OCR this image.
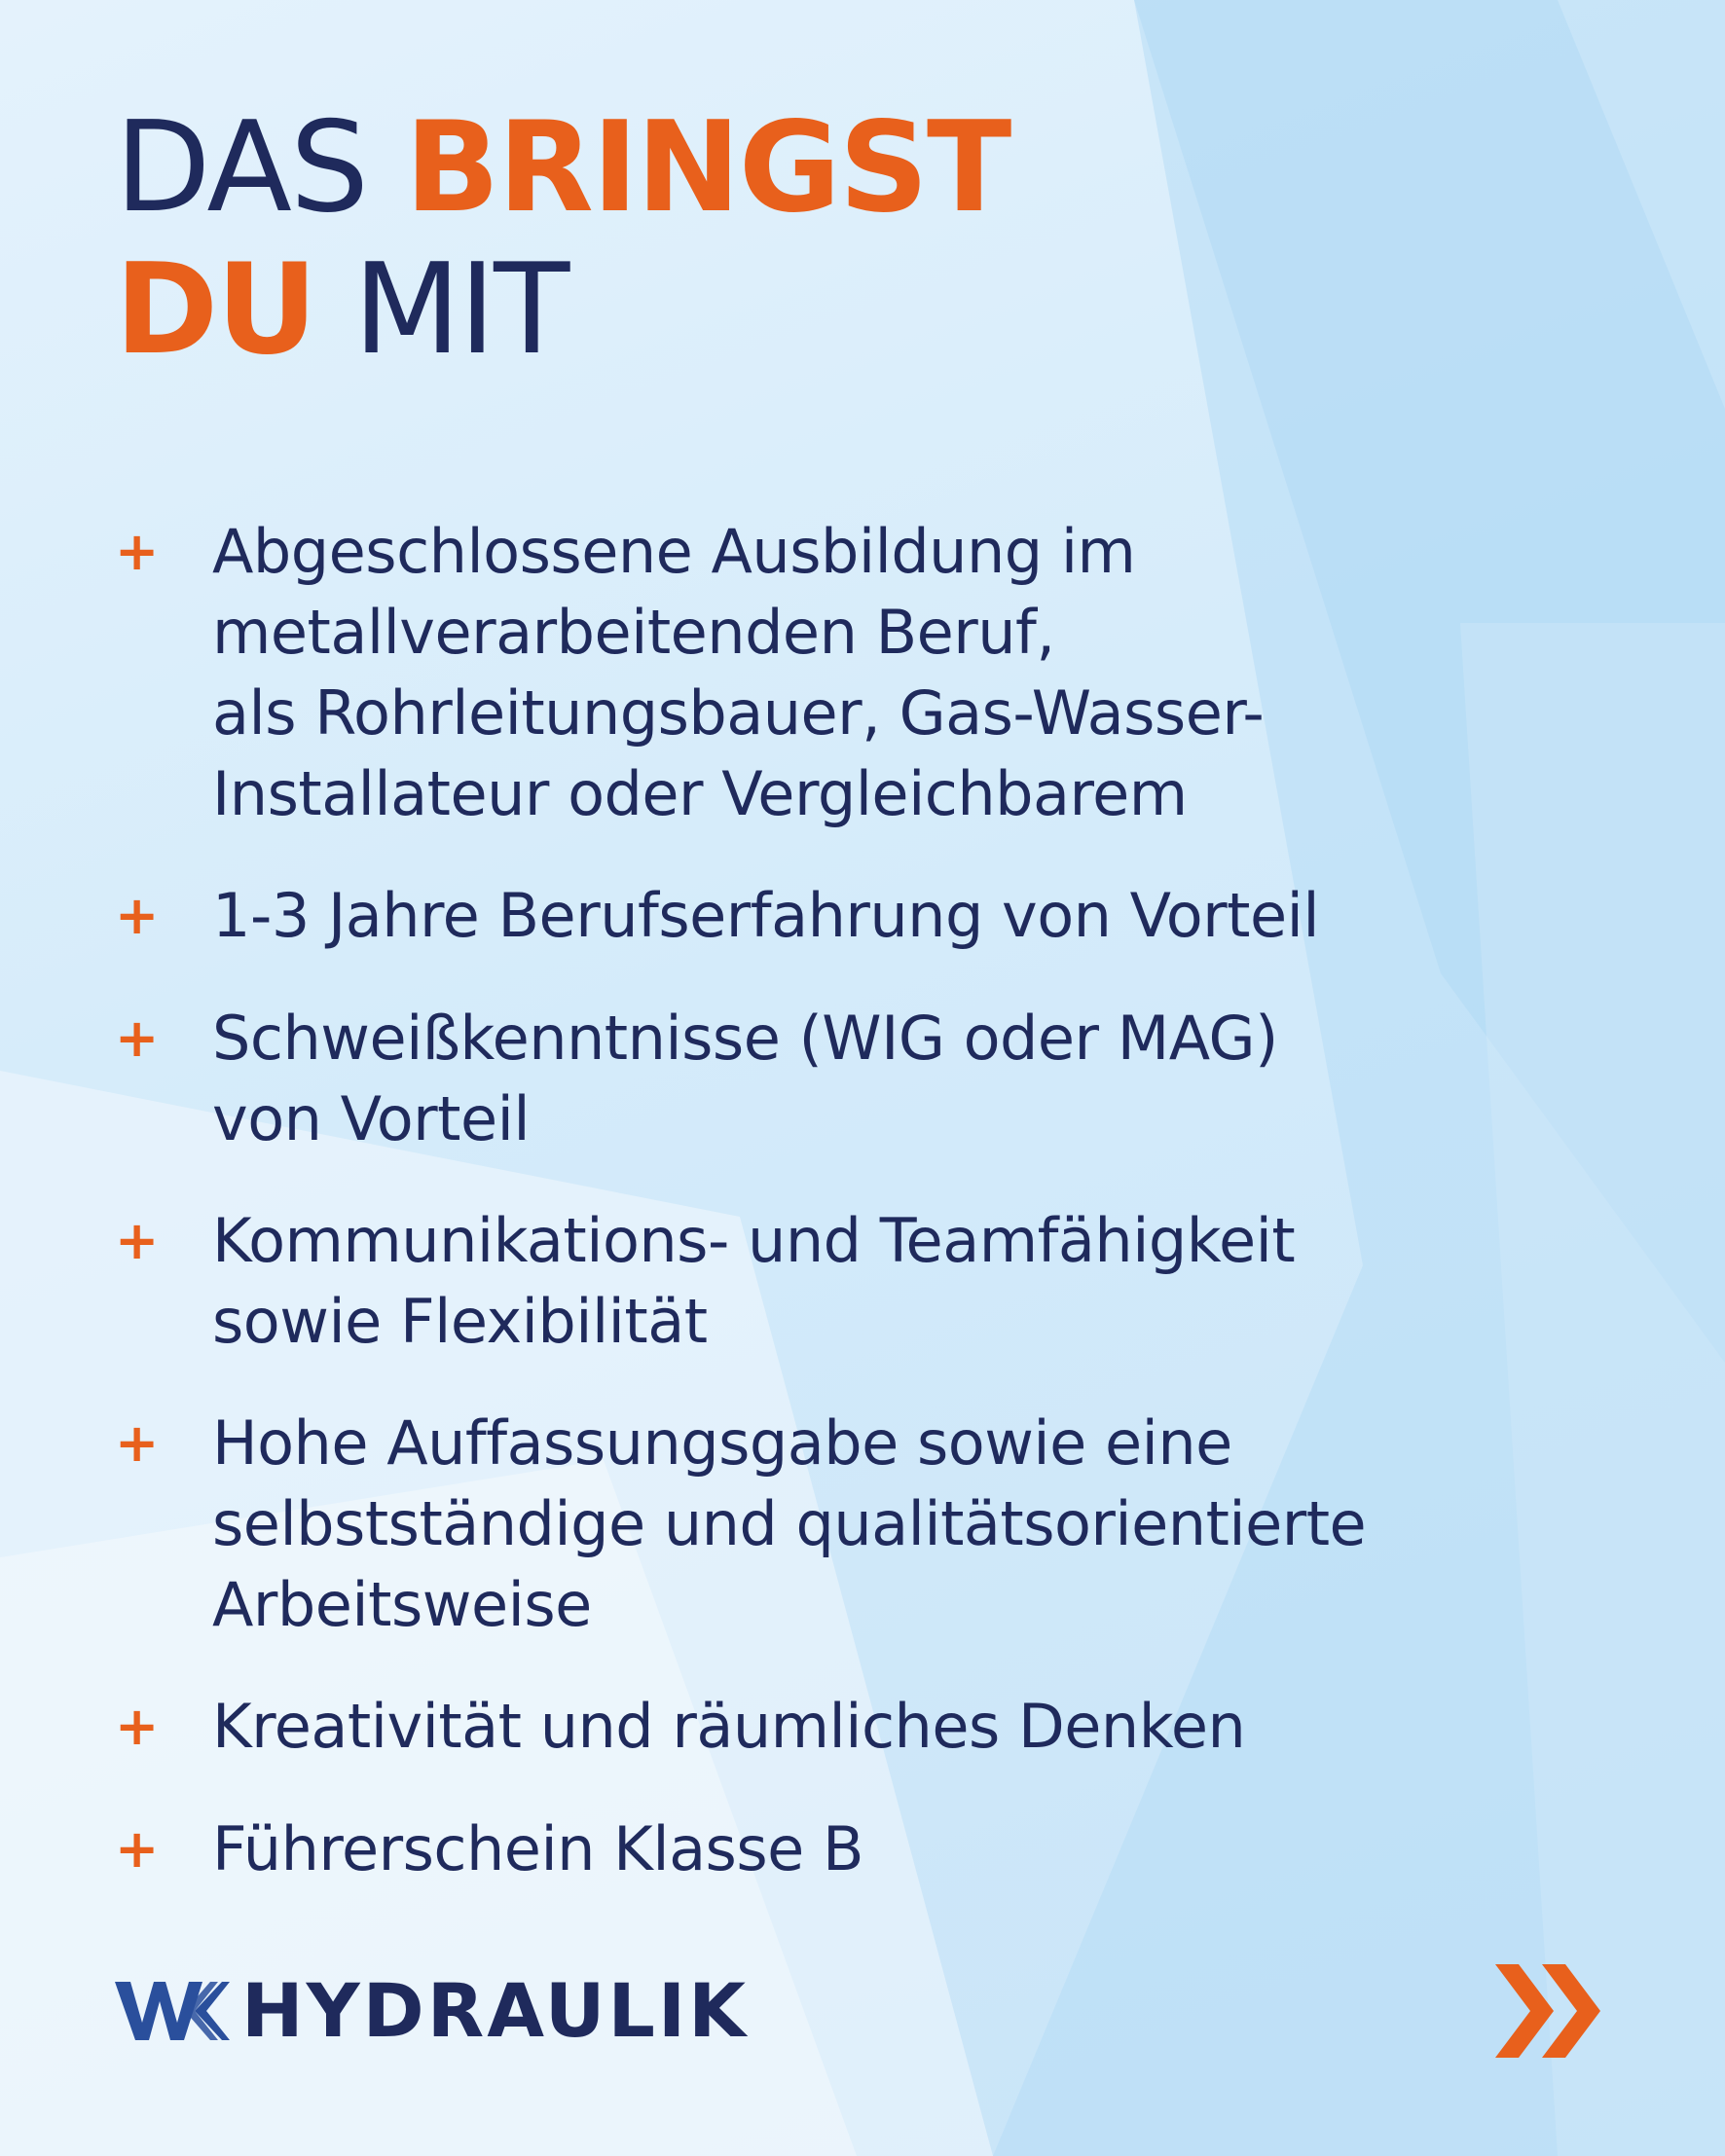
DAS BRINGST
DU MIT
+ Abgeschlossene Ausbildung im
metallverarbeitenden Beruf,
als Rohrleitungsbauer, Gas-Wasser-
Installateur oder Vergleichbarem
+ 1-3 Jahre Berufserfahrung von Vorteil
+ Schweißkenntnisse (WIG oder MAG)
von Vorteil
+ Kommunikations- und Teamfähigkeit
sowie Flexibilität
+ Hohe Auffassungsgabe sowie eine
selbstständige und qualitätsorientierte
Arbeitsweise
+ Kreativität und räumliches Denken
+ Führerschein Klasse B
HYDRAULIK
